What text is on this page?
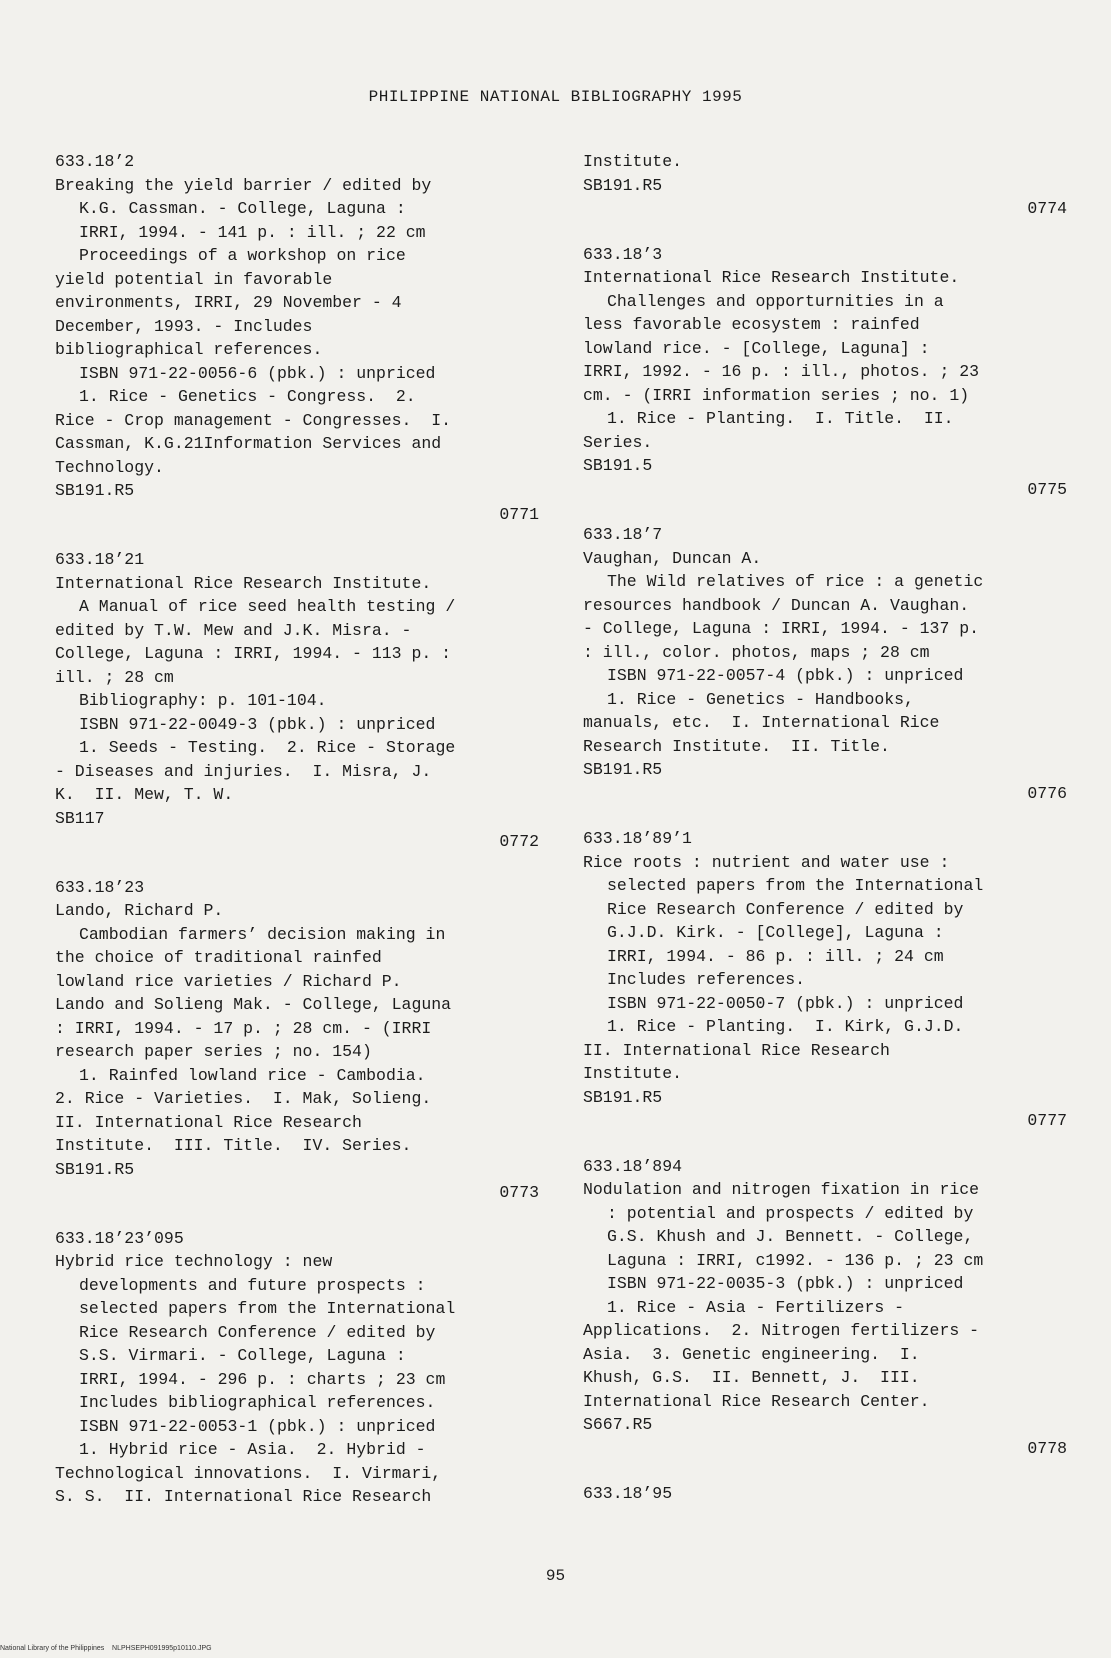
PHILIPPINE NATIONAL BIBLIOGRAPHY 1995
633.18’2
Breaking the yield barrier / edited by
K.G. Cassman. - College, Laguna :
IRRI, 1994. - 141 p. : ill. ; 22 cm
Proceedings of a workshop on rice
yield potential in favorable
environments, IRRI, 29 November - 4
December, 1993. - Includes
bibliographical references.
ISBN 971-22-0056-6 (pbk.) : unpriced
1. Rice - Genetics - Congress.  2.
Rice - Crop management - Congresses.  I.
Cassman, K.G.21Information Services and
Technology.
SB191.R5
0771
633.18’21
International Rice Research Institute.
A Manual of rice seed health testing /
edited by T.W. Mew and J.K. Misra. -
College, Laguna : IRRI, 1994. - 113 p. :
ill. ; 28 cm
Bibliography: p. 101-104.
ISBN 971-22-0049-3 (pbk.) : unpriced
1. Seeds - Testing.  2. Rice - Storage
- Diseases and injuries.  I. Misra, J.
K.  II. Mew, T. W.
SB117
0772
633.18’23
Lando, Richard P.
Cambodian farmers’ decision making in
the choice of traditional rainfed
lowland rice varieties / Richard P.
Lando and Solieng Mak. - College, Laguna
: IRRI, 1994. - 17 p. ; 28 cm. - (IRRI
research paper series ; no. 154)
1. Rainfed lowland rice - Cambodia.
2. Rice - Varieties.  I. Mak, Solieng.
II. International Rice Research
Institute.  III. Title.  IV. Series.
SB191.R5
0773
633.18’23’095
Hybrid rice technology : new
developments and future prospects :
selected papers from the International
Rice Research Conference / edited by
S.S. Virmari. - College, Laguna :
IRRI, 1994. - 296 p. : charts ; 23 cm
Includes bibliographical references.
ISBN 971-22-0053-1 (pbk.) : unpriced
1. Hybrid rice - Asia.  2. Hybrid -
Technological innovations.  I. Virmari,
S. S.  II. International Rice Research
Institute.
SB191.R5
0774
633.18’3
International Rice Research Institute.
Challenges and opporturnities in a
less favorable ecosystem : rainfed
lowland rice. - [College, Laguna] :
IRRI, 1992. - 16 p. : ill., photos. ; 23
cm. - (IRRI information series ; no. 1)
1. Rice - Planting.  I. Title.  II.
Series.
SB191.5
0775
633.18’7
Vaughan, Duncan A.
The Wild relatives of rice : a genetic
resources handbook / Duncan A. Vaughan.
- College, Laguna : IRRI, 1994. - 137 p.
: ill., color. photos, maps ; 28 cm
ISBN 971-22-0057-4 (pbk.) : unpriced
1. Rice - Genetics - Handbooks,
manuals, etc.  I. International Rice
Research Institute.  II. Title.
SB191.R5
0776
633.18’89’1
Rice roots : nutrient and water use :
selected papers from the International
Rice Research Conference / edited by
G.J.D. Kirk. - [College], Laguna :
IRRI, 1994. - 86 p. : ill. ; 24 cm
Includes references.
ISBN 971-22-0050-7 (pbk.) : unpriced
1. Rice - Planting.  I. Kirk, G.J.D.
II. International Rice Research
Institute.
SB191.R5
0777
633.18’894
Nodulation and nitrogen fixation in rice
: potential and prospects / edited by
G.S. Khush and J. Bennett. - College,
Laguna : IRRI, c1992. - 136 p. ; 23 cm
ISBN 971-22-0035-3 (pbk.) : unpriced
1. Rice - Asia - Fertilizers -
Applications.  2. Nitrogen fertilizers -
Asia.  3. Genetic engineering.  I.
Khush, G.S.  II. Bennett, J.  III.
International Rice Research Center.
S667.R5
0778
633.18’95
95
National Library of the Philippines    NLPHSEPH091995p10110.JPG
